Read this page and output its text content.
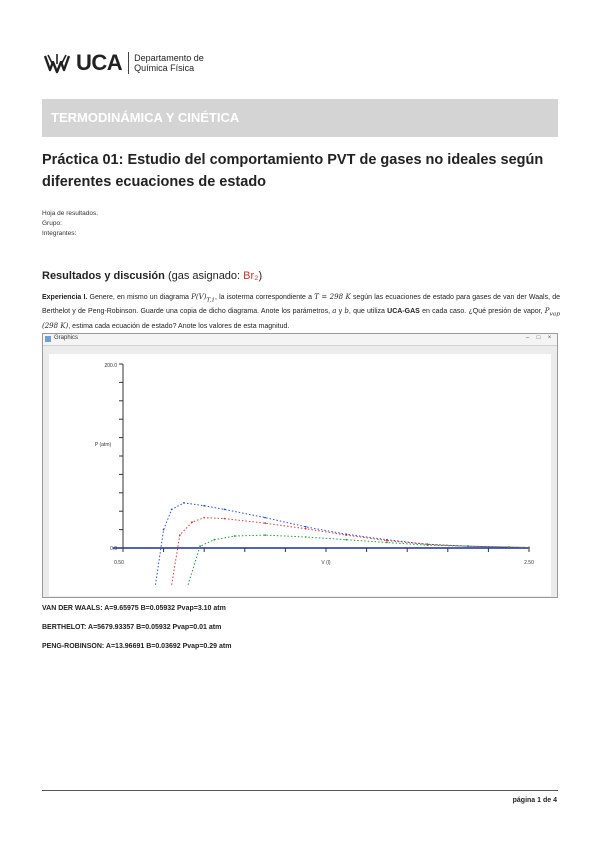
UCA Departamento de
Química Física
TERMODINÁMICA Y CINÉTICA
Práctica 01: Estudio del comportamiento PVT de gases no ideales según
diferentes ecuaciones de estado
Hoja de resultados.
Grupo:
Integrantes:
Resultados y discusión (gas asignado: Br₂)
Experiencia I. Genere, en mismo un diagrama $P(V)_{T,1}$, la isoterma correspondiente a T = 298 K según las ecuaciones de estado para gases de van der Waals, de Berthelot y de Peng-Robinson. Guarde una copia de dicho diagrama. Anote los parámetros, a y b, que utiliza UCA-GAS en cada caso. ¿Qué presión de vapor, $P_{vap}$ (298 K), estima cada ecuación de estado? Anote los valores de esta magnitud.
Graphics	–	□	×
200.0
0.0
0.50	2.50
P (atm)
V (l)
VAN DER WAALS: A=9.65975 B=0.05932 Pvap=3.10 atm
BERTHELOT: A=5679.93357 B=0.05932 Pvap=0.01 atm
PENG-ROBINSON: A=13.96691 B=0.03692 Pvap=0.29 atm
página 1 de 4
